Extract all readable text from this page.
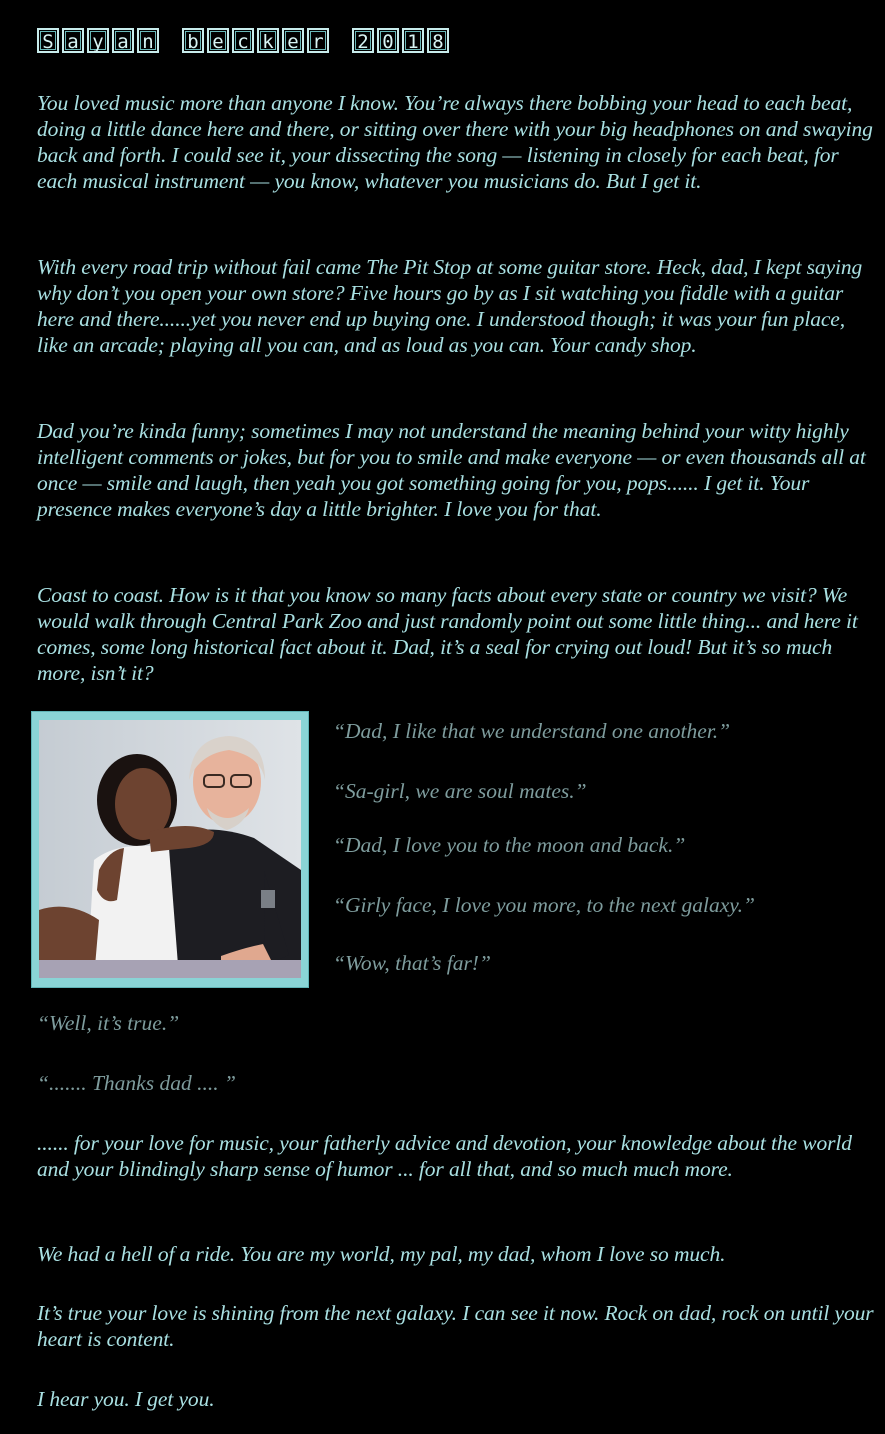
S a y a n b e c k e r 2 0 1 8

You loved music more than anyone I know. You’re always there bobbing your head to each beat, doing a little dance here and there, or sitting over there with your big headphones on and swaying back and forth. I could see it, your dissecting the song — listening in closely for each beat, for each musical instrument — you know, whatever you musicians do. But I get it.

With every road trip without fail came The Pit Stop at some guitar store. Heck, dad, I kept saying why don’t you open your own store? Five hours go by as I sit watching you fiddle with a guitar here and there......yet you never end up buying one. I understood though; it was your fun place, like an arcade; playing all you can, and as loud as you can. Your candy shop.

Dad you’re kinda funny; sometimes I may not understand the meaning behind your witty highly intelligent comments or jokes, but for you to smile and make everyone — or even thousands all at once — smile and laugh, then yeah you got something going for you, pops...... I get it. Your presence makes everyone’s day a little brighter. I love you for that.

Coast to coast. How is it that you know so many facts about every state or country we visit? We would walk through Central Park Zoo and just randomly point out some little thing... and here it comes, some long historical fact about it. Dad, it’s a seal for crying out loud! But it’s so much more, isn’t it?

“Dad, I like that we understand one another.”

“Sa-girl, we are soul mates.”

“Dad, I love you to the moon and back.”

“Girly face, I love you more, to the next galaxy.”

“Wow, that’s far!”

“Well, it’s true.”

“....... Thanks dad .... ”

...... for your love for music, your fatherly advice and devotion, your knowledge about the world and your blindingly sharp sense of humor ... for all that, and so much much more.

We had a hell of a ride. You are my world, my pal, my dad, whom I love so much.

It’s true your love is shining from the next galaxy. I can see it now. Rock on dad, rock on until your heart is content.

I hear you. I get you.
